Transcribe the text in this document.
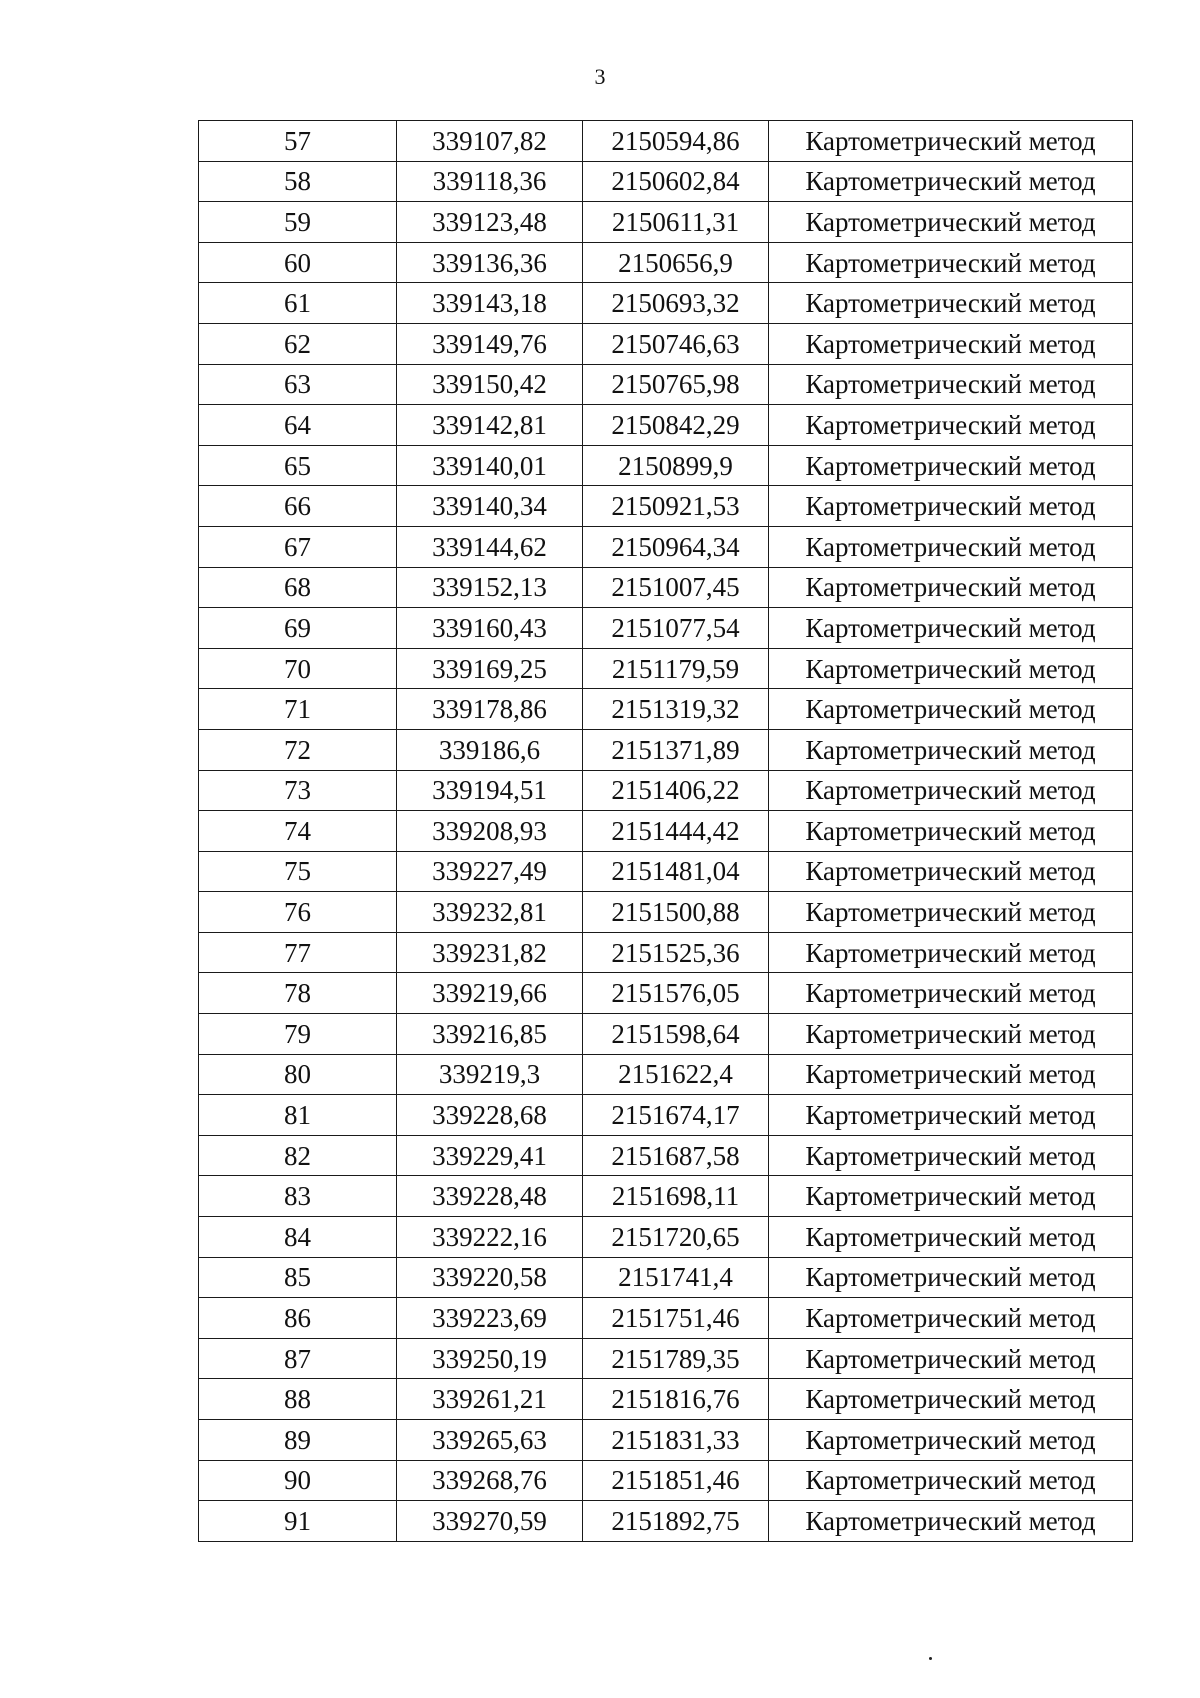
3
57	339107,82	2150594,86	Картометрический метод
58	339118,36	2150602,84	Картометрический метод
59	339123,48	2150611,31	Картометрический метод
60	339136,36	2150656,9	Картометрический метод
61	339143,18	2150693,32	Картометрический метод
62	339149,76	2150746,63	Картометрический метод
63	339150,42	2150765,98	Картометрический метод
64	339142,81	2150842,29	Картометрический метод
65	339140,01	2150899,9	Картометрический метод
66	339140,34	2150921,53	Картометрический метод
67	339144,62	2150964,34	Картометрический метод
68	339152,13	2151007,45	Картометрический метод
69	339160,43	2151077,54	Картометрический метод
70	339169,25	2151179,59	Картометрический метод
71	339178,86	2151319,32	Картометрический метод
72	339186,6	2151371,89	Картометрический метод
73	339194,51	2151406,22	Картометрический метод
74	339208,93	2151444,42	Картометрический метод
75	339227,49	2151481,04	Картометрический метод
76	339232,81	2151500,88	Картометрический метод
77	339231,82	2151525,36	Картометрический метод
78	339219,66	2151576,05	Картометрический метод
79	339216,85	2151598,64	Картометрический метод
80	339219,3	2151622,4	Картометрический метод
81	339228,68	2151674,17	Картометрический метод
82	339229,41	2151687,58	Картометрический метод
83	339228,48	2151698,11	Картометрический метод
84	339222,16	2151720,65	Картометрический метод
85	339220,58	2151741,4	Картометрический метод
86	339223,69	2151751,46	Картометрический метод
87	339250,19	2151789,35	Картометрический метод
88	339261,21	2151816,76	Картометрический метод
89	339265,63	2151831,33	Картометрический метод
90	339268,76	2151851,46	Картометрический метод
91	339270,59	2151892,75	Картометрический метод
